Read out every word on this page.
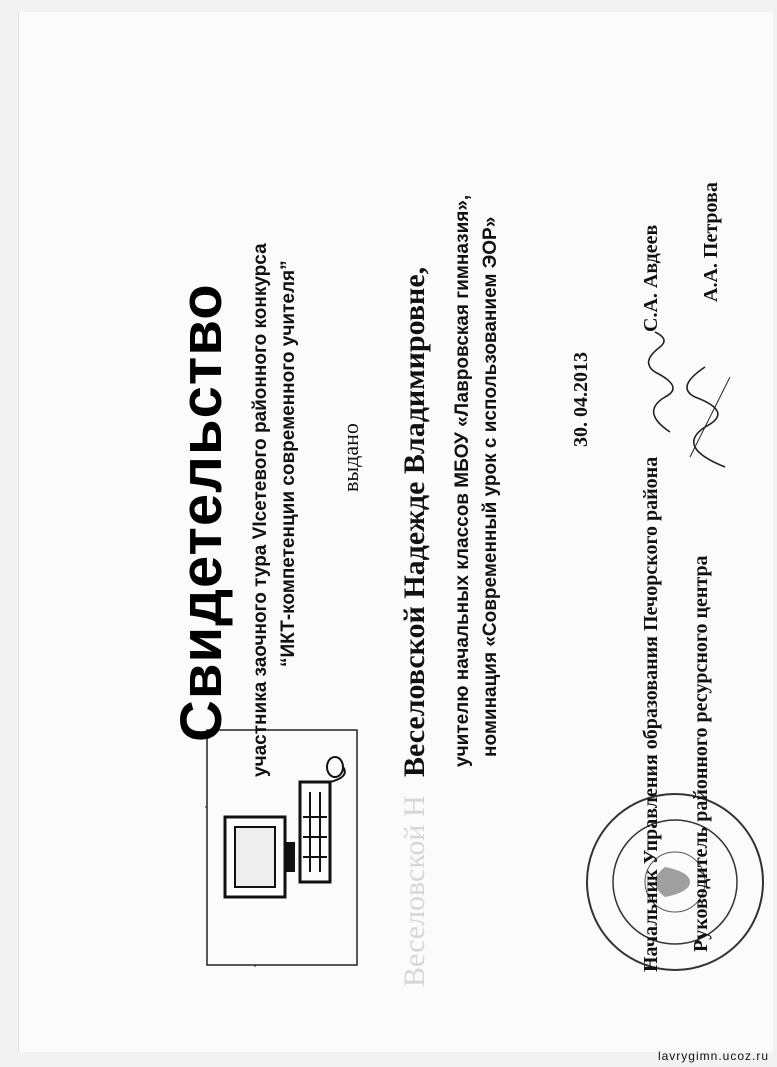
Свидетельство участника заочного тура VIсетевого районного конкурса “ИКТ-компетенции современного учителя” выдано
Веселовской Н
Веселовской Надежде Владимировне, учителю начальных классов МБОУ «Лавровская гимназия», номинация «Современный урок с использованием ЭОР»	30. 04.2013
Начальник Управления образования Печорского района
С.А. Авдеев
Руководитель районного ресурсного центра
А.А. Петрова
lavrygimn.ucoz.ru
